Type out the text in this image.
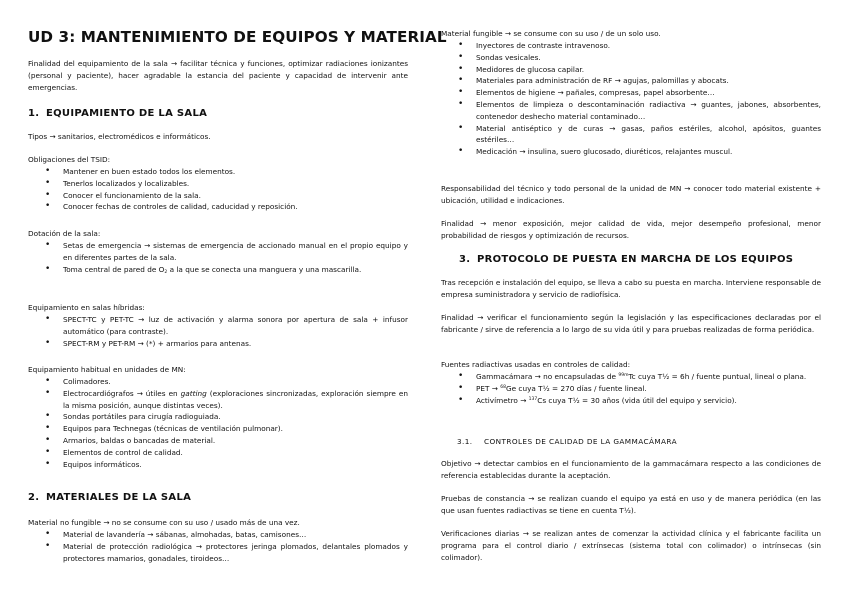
UD 3: MANTENIMIENTO DE EQUIPOS Y MATERIAL

Finalidad del equipamiento de la sala → facilitar técnica y funciones, optimizar radiaciones ionizantes (personal y paciente), hacer agradable la estancia del paciente y capacidad de intervenir ante emergencias.

1. EQUIPAMIENTO DE LA SALA

Tipos → sanitarios, electromédicos e informáticos.

Obligaciones del TSID:

• Mantener en buen estado todos los elementos.
• Tenerlos localizados y localizables.
• Conocer el funcionamiento de la sala.
• Conocer fechas de controles de calidad, caducidad y reposición.

Dotación de la sala:

• Setas de emergencia → sistemas de emergencia de accionado manual en el propio equipo y en diferentes partes de la sala.
• Toma central de pared de $O_2$ a la que se conecta una manguera y una mascarilla.

Equipamiento en salas híbridas:

• SPECT-TC y PET-TC → luz de activación y alarma sonora por apertura de sala + infusor automático (para contraste).
• SPECT-RM y PET-RM → (*) + armarios para antenas.

Equipamiento habitual en unidades de MN:

• Colimadores.
• Electrocardiógrafos → útiles en gatting (exploraciones sincronizadas, exploración siempre en la misma posición, aunque distintas veces).
• Sondas portátiles para cirugía radioguiada.
• Equipos para Technegas (técnicas de ventilación pulmonar).
• Armarios, baldas o bancadas de material.
• Elementos de control de calidad.
• Equipos informáticos.
2. MATERIALES DE LA SALA

Material no fungible → no se consume con su uso / usado más de una vez.

• Material de lavandería → sábanas, almohadas, batas, camisones…
• Material de protección radiológica → protectores jeringa plomados, delantales plomados y protectores mamarios, gonadales, tiroideos…

Material fungible → se consume con su uso / de un solo uso.

• Inyectores de contraste intravenoso.
• Sondas vesicales.
• Medidores de glucosa capilar.
• Materiales para administración de RF → agujas, palomillas y abocats.
• Elementos de higiene → pañales, compresas, papel absorbente…
• Elementos de limpieza o descontaminación radiactiva → guantes, jabones, absorbentes, contenedor deshecho material contaminado…
• Material antiséptico y de curas → gasas, paños estériles, alcohol, apósitos, guantes estériles…
• Medicación → insulina, suero glucosado, diuréticos, relajantes muscul.

Responsabilidad del técnico y todo personal de la unidad de MN → conocer todo material existente + ubicación, utilidad e indicaciones.

Finalidad → menor exposición, mejor calidad de vida, mejor desempeño profesional, menor probabilidad de riesgos y optimización de recursos.

3. PROTOCOLO DE PUESTA EN MARCHA DE LOS EQUIPOS

Tras recepción e instalación del equipo, se lleva a cabo su puesta en marcha. Interviene responsable de empresa suministradora y servicio de radiofísica.

Finalidad → verificar el funcionamiento según la legislación y las especificaciones declaradas por el fabricante / sirve de referencia a lo largo de su vida útil y para pruebas realizadas de forma periódica.

Fuentes radiactivas usadas en controles de calidad:

• Gammacámara → no encapsuladas de $^{99m}$Tc cuya T½ = 6h / fuente puntual, lineal o plana.
• PET → $^{68}$Ge cuya T½ = 270 días / fuente lineal.
• Activímetro → $^{137}$Cs cuya T½ = 30 años (vida útil del equipo y servicio).
3.1. CONTROLES DE CALIDAD DE LA GAMMACÁMARA

Objetivo → detectar cambios en el funcionamiento de la gammacámara respecto a las condiciones de referencia establecidas durante la aceptación.

Pruebas de constancia → se realizan cuando el equipo ya está en uso y de manera periódica (en las que usan fuentes radiactivas se tiene en cuenta T½).

Verificaciones diarias → se realizan antes de comenzar la actividad clínica y el fabricante facilita un programa para el control diario / extrínsecas (sistema total con colimador) o intrínsecas (sin colimador).
